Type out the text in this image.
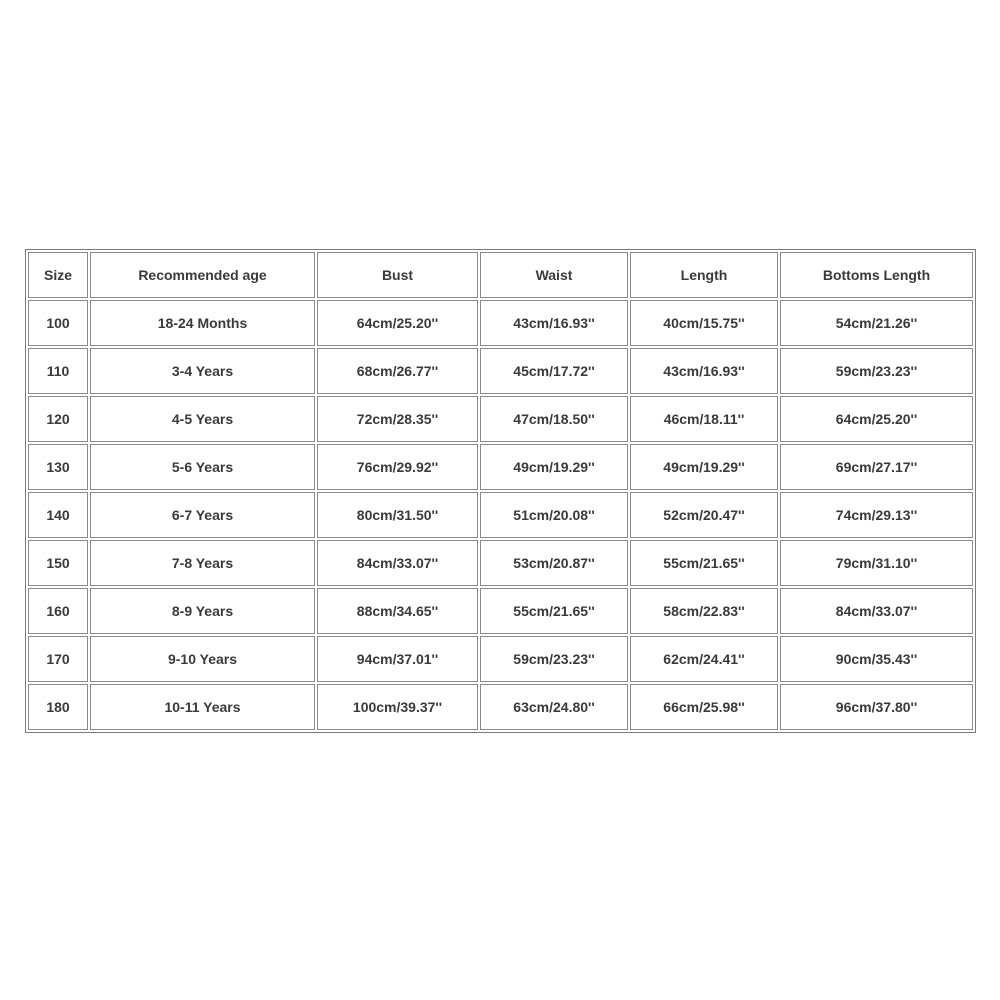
Size	Recommended age	Bust	Waist	Length	Bottoms Length
100	18-24 Months	64cm/25.20''	43cm/16.93''	40cm/15.75''	54cm/21.26''
110	3-4 Years	68cm/26.77''	45cm/17.72''	43cm/16.93''	59cm/23.23''
120	4-5 Years	72cm/28.35''	47cm/18.50''	46cm/18.11''	64cm/25.20''
130	5-6 Years	76cm/29.92''	49cm/19.29''	49cm/19.29''	69cm/27.17''
140	6-7 Years	80cm/31.50''	51cm/20.08''	52cm/20.47''	74cm/29.13''
150	7-8 Years	84cm/33.07''	53cm/20.87''	55cm/21.65''	79cm/31.10''
160	8-9 Years	88cm/34.65''	55cm/21.65''	58cm/22.83''	84cm/33.07''
170	9-10 Years	94cm/37.01''	59cm/23.23''	62cm/24.41''	90cm/35.43''
180	10-11 Years	100cm/39.37''	63cm/24.80''	66cm/25.98''	96cm/37.80''
